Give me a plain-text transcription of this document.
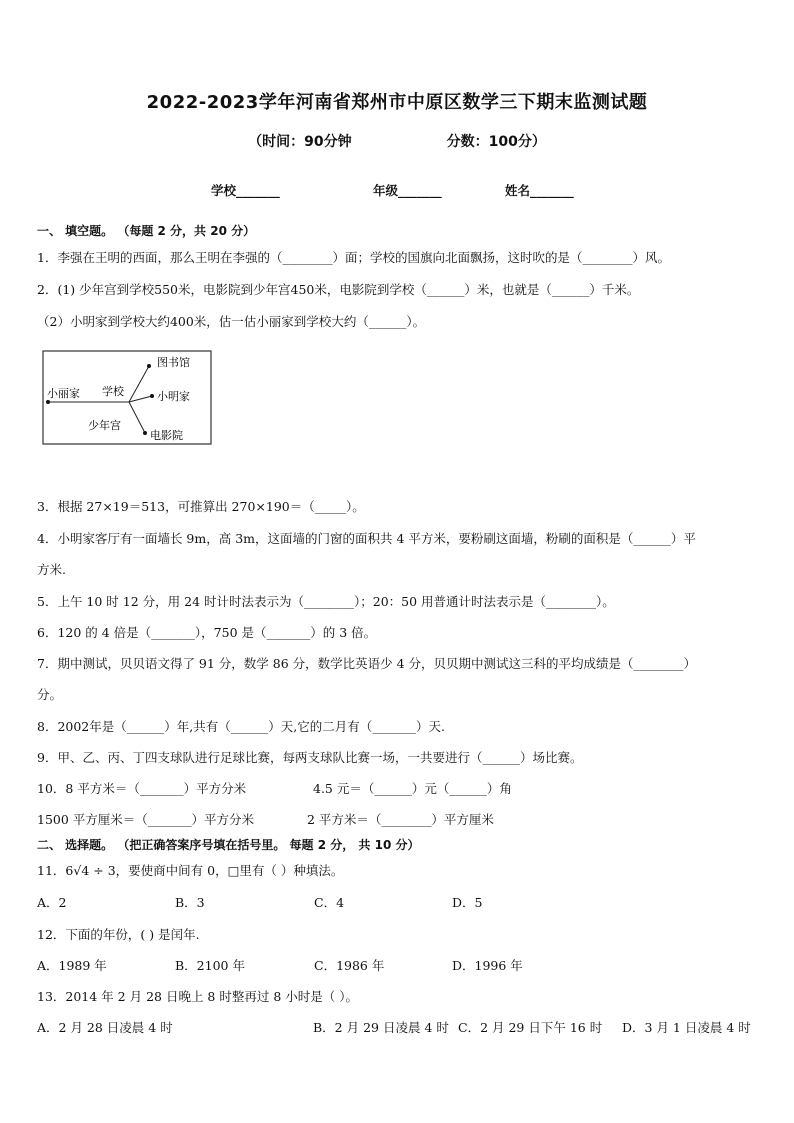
2022-2023学年河南省郑州市中原区数学三下期末监测试题
（时间：90分钟	分数：100分）
学校_______	年级_______	姓名_______
一、 填空题。 （每题 2 分，共 20 分）
1．李强在王明的西面，那么王明在李强的（________）面；学校的国旗向北面飘扬，这时吹的是（________）风。
2．(1) 少年宫到学校550米，电影院到少年宫450米，电影院到学校（______）米，也就是（______）千米。
（2）小明家到学校大约400米，估一估小丽家到学校大约（______）。
图书馆
小丽家 学校	小明家
少年宫
电影院
3．根据 27×19＝513，可推算出 270×190＝（_____）。
4．小明家客厅有一面墙长 9m，高 3m，这面墙的门窗的面积共 4 平方米，要粉刷这面墙，粉刷的面积是（______）平
方米.
5．上午 10 时 12 分，用 24 时计时法表示为（________）；20：50 用普通计时法表示是（________）。
6．120 的 4 倍是（_______），750 是（_______）的 3 倍。
7．期中测试，贝贝语文得了 91 分，数学 86 分，数学比英语少 4 分，贝贝期中测试这三科的平均成绩是（________）
分。
8．2002年是（______）年,共有（______）天,它的二月有（_______）天.
9．甲、乙、丙、丁四支球队进行足球比赛，每两支球队比赛一场，一共要进行（______）场比赛。
10．8 平方米＝（_______）平方分米	4.5 元＝（______）元（______）角
1500 平方厘米＝（_______）平方分米	2 平方米＝（________）平方厘米
二、 选择题。 （把正确答案序号填在括号里。 每题 2 分， 共 10 分）
11．6√4 ÷ 3，要使商中间有 0，□里有（ ）种填法。
A．2	B．3	C．4	D．5
12．下面的年份，( ) 是闰年.
A．1989 年	B．2100 年	C．1986 年	D．1996 年
13．2014 年 2 月 28 日晚上 8 时整再过 8 小时是（ ）。
A．2 月 28 日凌晨 4 时	B．2 月 29 日凌晨 4 时 C．2 月 29 日下午 16 时 D．3 月 1 日凌晨 4 时
